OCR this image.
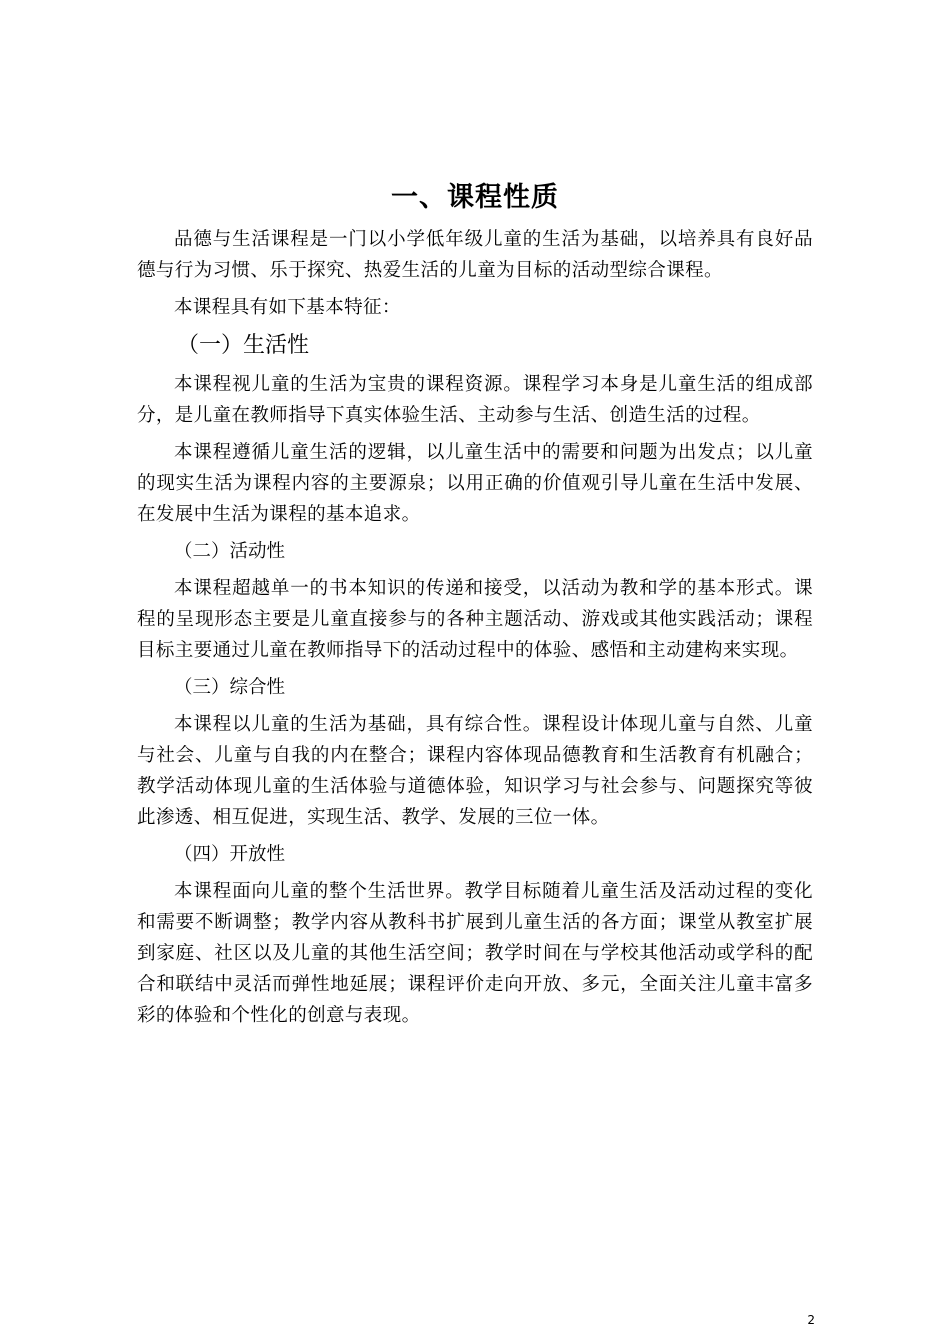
一、课程性质

品德与生活课程是一门以小学低年级儿童的生活为基础，以培养具有良好品德与行为习惯、乐于探究、热爱生活的儿童为目标的活动型综合课程。

本课程具有如下基本特征：

（一）生活性

本课程视儿童的生活为宝贵的课程资源。课程学习本身是儿童生活的组成部分，是儿童在教师指导下真实体验生活、主动参与生活、创造生活的过程。

本课程遵循儿童生活的逻辑，以儿童生活中的需要和问题为出发点；以儿童的现实生活为课程内容的主要源泉；以用正确的价值观引导儿童在生活中发展、在发展中生活为课程的基本追求。

（二）活动性

本课程超越单一的书本知识的传递和接受，以活动为教和学的基本形式。课程的呈现形态主要是儿童直接参与的各种主题活动、游戏或其他实践活动；课程目标主要通过儿童在教师指导下的活动过程中的体验、感悟和主动建构来实现。

（三）综合性

本课程以儿童的生活为基础，具有综合性。课程设计体现儿童与自然、儿童与社会、儿童与自我的内在整合；课程内容体现品德教育和生活教育有机融合；教学活动体现儿童的生活体验与道德体验，知识学习与社会参与、问题探究等彼此渗透、相互促进，实现生活、教学、发展的三位一体。

（四）开放性

本课程面向儿童的整个生活世界。教学目标随着儿童生活及活动过程的变化和需要不断调整；教学内容从教科书扩展到儿童生活的各方面；课堂从教室扩展到家庭、社区以及儿童的其他生活空间；教学时间在与学校其他活动或学科的配合和联结中灵活而弹性地延展；课程评价走向开放、多元，全面关注儿童丰富多彩的体验和个性化的创意与表现。

2
